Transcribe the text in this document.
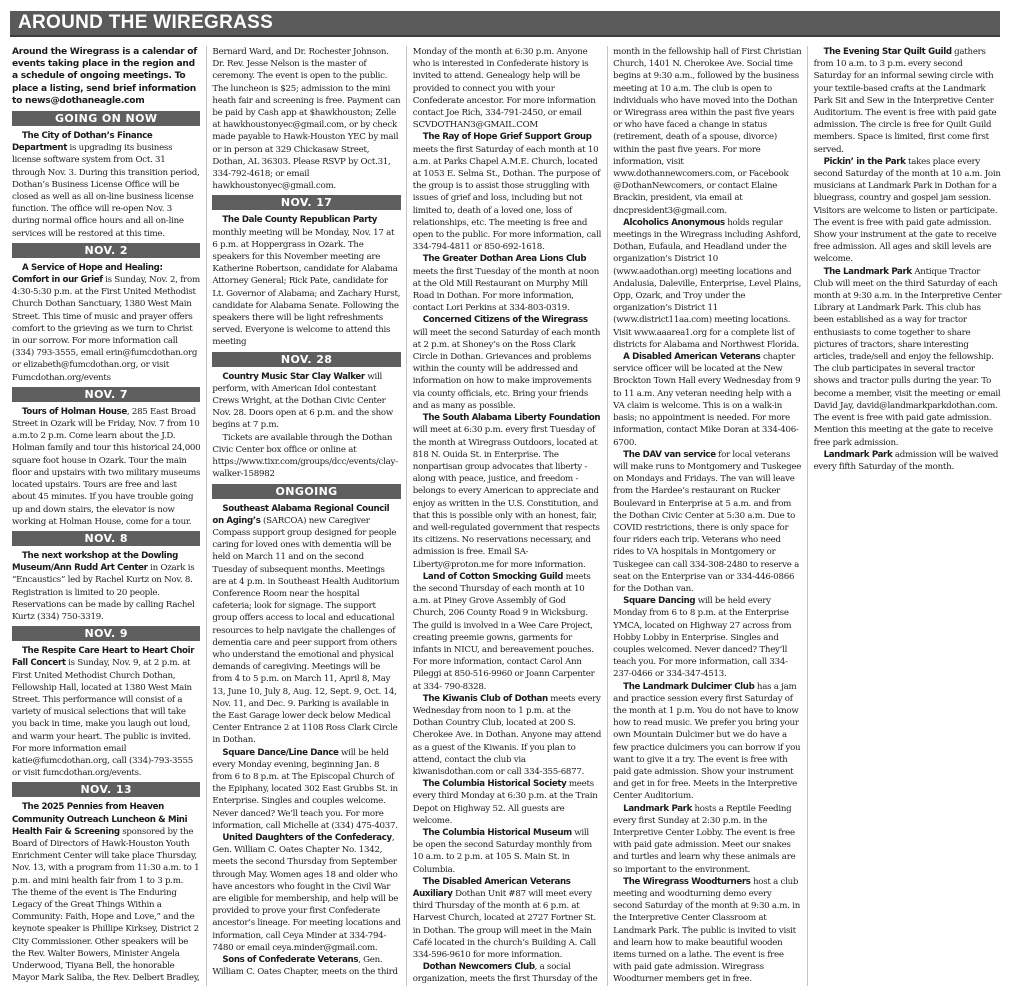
AROUND THE WIREGRASS

Around the Wiregrass is a calendar of events taking place in the region and a schedule of ongoing meetings. To place a listing, send brief information to news@dothaneagle.com

GOING ON NOW

The City of Dothan’s Finance Department is upgrading its business license software system from Oct. 31 through Nov. 3. During this transition period, Dothan’s Business License Office will be closed as well as all on-line business license function. The office will re-open Nov. 3 during normal office hours and all on-line services will be restored at this time.

NOV. 2

A Service of Hope and Healing: Comfort in our Grief is Sunday, Nov. 2, from 4:30-5:30 p.m. at the First United Methodist Church Dothan Sanctuary, 1380 West Main Street. This time of music and prayer offers comfort to the grieving as we turn to Christ in our sorrow. For more information call (334) 793-3555, email erin@fumcdothan.org or elizabeth@fumcdothan.org, or visit Fumcdothan.org/events

NOV. 7

Tours of Holman House, 285 East Broad Street in Ozark will be Friday, Nov. 7 from 10 a.m.to 2 p.m. Come learn about the J.D. Holman family and tour this historical 24,000 square foot house in Ozark. Tour the main floor and upstairs with two military museums located upstairs. Tours are free and last about 45 minutes. If you have trouble going up and down stairs, the elevator is now working at Holman House, come for a tour.

NOV. 8

The next workshop at the Dowling Museum/Ann Rudd Art Center in Ozark is “Encaustics” led by Rachel Kurtz on Nov. 8. Registration is limited to 20 people. Reservations can be made by calling Rachel Kurtz (334) 750-3319.

NOV. 9

The Respite Care Heart to Heart Choir Fall Concert is Sunday, Nov. 9, at 2 p.m. at First United Methodist Church Dothan, Fellowship Hall, located at 1380 West Main Street. This performance will consist of a variety of musical selections that will take you back in time, make you laugh out loud, and warm your heart. The public is invited. For more information email katie@fumcdothan.org, call (334)-793-3555 or visit fumcdothan.org/events.

NOV. 13

The 2025 Pennies from Heaven Community Outreach Luncheon & Mini Health Fair & Screening sponsored by the Board of Directors of Hawk-Houston Youth Enrichment Center will take place Thursday, Nov. 13, with a program from 11:30 a.m. to 1 p.m. and mini health fair from 1 to 3 p.m. The theme of the event is The Enduring Legacy of the Great Things Within a Community: Faith, Hope and Love,” and the keynote speaker is Phillipe Kirksey, District 2 City Commissioner. Other speakers will be the Rev. Walter Bowers, Minister Angela Underwood, Tiyana Bell, the honorable Mayor Mark Saliba, the Rev. Delbert Bradley, Bernard Ward, and Dr. Rochester Johnson. Dr. Rev. Jesse Nelson is the master of ceremony. The event is open to the public. The luncheon is $25; admission to the mini heath fair and screening is free. Payment can be paid by Cash app at $hawkhouston; Zelle at hawkhoustonyec@gmail.com, or by check made payable to Hawk-Houston YEC by mail or in person at 329 Chickasaw Street, Dothan, AL 36303. Please RSVP by Oct.31, 334-792-4618; or email hawkhoustonyec@gmail.com.

NOV. 17

The Dale County Republican Party monthly meeting will be Monday, Nov. 17 at 6 p.m. at Hoppergrass in Ozark. The speakers for this November meeting are Katherine Robertson, candidate for Alabama Attorney General; Rick Pate, candidate for Lt. Governor of Alabama; and Zachary Hurst, candidate for Alabama Senate. Following the speakers there will be light refreshments served. Everyone is welcome to attend this meeting

NOV. 28

Country Music Star Clay Walker will perform, with American Idol contestant Crews Wright, at the Dothan Civic Center Nov. 28. Doors open at 6 p.m. and the show begins at 7 p.m.

Tickets are available through the Dothan Civic Center box office or online at https://www.tixr.com/groups/dcc/events/clay-walker-158982

ONGOING

Southeast Alabama Regional Council on Aging’s (SARCOA) new Caregiver Compass support group designed for people caring for loved ones with dementia will be held on March 11 and on the second Tuesday of subsequent months. Meetings are at 4 p.m. in Southeast Health Auditorium Conference Room near the hospital cafeteria; look for signage. The support group offers access to local and educational resources to help navigate the challenges of dementia care and peer support from others who understand the emotional and physical demands of caregiving. Meetings will be from 4 to 5 p.m. on March 11, April 8, May 13, June 10, July 8, Aug. 12, Sept. 9, Oct. 14, Nov. 11, and Dec. 9. Parking is available in the East Garage lower deck below Medical Center Entrance 2 at 1108 Ross Clark Circle in Dothan.

Square Dance/Line Dance will be held every Monday evening, beginning Jan. 8 from 6 to 8 p.m. at The Episcopal Church of the Epiphany, located 302 East Grubbs St. in Enterprise. Singles and couples welcome. Never danced? We’ll teach you. For more information, call Michelle at (334) 475-4037.

United Daughters of the Confederacy, Gen. William C. Oates Chapter No. 1342, meets the second Thursday from September through May. Women ages 18 and older who have ancestors who fought in the Civil War are eligible for membership, and help will be provided to prove your first Confederate ancestor’s lineage. For meeting locations and information, call Ceya Minder at 334-794-7480 or email ceya.minder@gmail.com.

Sons of Confederate Veterans, Gen. William C. Oates Chapter, meets on the third Monday of the month at 6:30 p.m. Anyone who is interested in Confederate history is invited to attend. Genealogy help will be provided to connect you with your Confederate ancestor. For more information contact Joe Rich, 334-791-2450, or email SCVDOTHAN3@GMAIL.COM

The Ray of Hope Grief Support Group meets the first Saturday of each month at 10 a.m. at Parks Chapel A.M.E. Church, located at 1053 E. Selma St., Dothan. The purpose of the group is to assist those struggling with issues of grief and loss, including but not limited to, death of a loved one, loss of relationships, etc. The meeting is free and open to the public. For more information, call 334-794-4811 or 850-692-1618.

The Greater Dothan Area Lions Club meets the first Tuesday of the month at noon at the Old Mill Restaurant on Murphy Mill Road in Dothan. For more information, contact Lori Perkins at 334-803-0319.

Concerned Citizens of the Wiregrass will meet the second Saturday of each month at 2 p.m. at Shoney’s on the Ross Clark Circle in Dothan. Grievances and problems within the county will be addressed and information on how to make improvements via county officials, etc. Bring your friends and as many as possible.

The South Alabama Liberty Foundation will meet at 6:30 p.m. every first Tuesday of the month at Wiregrass Outdoors, located at 818 N. Ouida St. in Enterprise. The nonpartisan group advocates that liberty - along with peace, justice, and freedom - belongs to every American to appreciate and enjoy as written in the U.S. Constitution, and that this is possible only with an honest, fair, and well-regulated government that respects its citizens. No reservations necessary, and admission is free. Email SA-Liberty@proton.me for more information.

Land of Cotton Smocking Guild meets the second Thursday of each month at 10 a.m. at Piney Grove Assembly of God Church, 206 County Road 9 in Wicksburg. The guild is involved in a Wee Care Project, creating preemie gowns, garments for infants in NICU, and bereavement pouches. For more information, contact Carol Ann Pileggi at 850-516-9960 or Joann Carpenter at 334- 790-8328.

The Kiwanis Club of Dothan meets every Wednesday from noon to 1 p.m. at the Dothan Country Club, located at 200 S. Cherokee Ave. in Dothan. Anyone may attend as a guest of the Kiwanis. If you plan to attend, contact the club via kiwanisdothan.com or call 334-355-6877.

The Columbia Historical Society meets every third Monday at 6:30 p.m. at the Train Depot on Highway 52. All guests are welcome.

The Columbia Historical Museum will be open the second Saturday monthly from 10 a.m. to 2 p.m. at 105 S. Main St. in Columbia.

The Disabled American Veterans Auxiliary Dothan Unit #87 will meet every third Thursday of the month at 6 p.m. at Harvest Church, located at 2727 Fortner St. in Dothan. The group will meet in the Main Café located in the church’s Building A. Call 334-596-9610 for more information.

Dothan Newcomers Club, a social organization, meets the first Thursday of the month in the fellowship hall of First Christian Church, 1401 N. Cherokee Ave. Social time begins at 9:30 a.m., followed by the business meeting at 10 a.m. The club is open to individuals who have moved into the Dothan or Wiregrass area within the past five years or who have faced a change in status (retirement, death of a spouse, divorce) within the past five years. For more information, visit www.dothannewcomers.com, or Facebook @DothanNewcomers, or contact Elaine Brackin, president, via email at dncpresident3@gmail.com.

Alcoholics Anonymous holds regular meetings in the Wiregrass including Ashford, Dothan, Eufaula, and Headland under the organization’s District 10 (www.aadothan.org) meeting locations and Andalusia, Daleville, Enterprise, Level Plains, Opp, Ozark, and Troy under the organization’s District 11 (www.district11aa.com) meeting locations. Visit www.aaarea1.org for a complete list of districts for Alabama and Northwest Florida.

A Disabled American Veterans chapter service officer will be located at the New Brockton Town Hall every Wednesday from 9 to 11 a.m. Any veteran needing help with a VA claim is welcome. This is on a walk-in basis; no appointment is needed. For more information, contact Mike Doran at 334-406-6700.

The DAV van service for local veterans will make runs to Montgomery and Tuskegee on Mondays and Fridays. The van will leave from the Hardee’s restaurant on Rucker Boulevard in Enterprise at 5 a.m. and from the Dothan Civic Center at 5:30 a.m. Due to COVID restrictions, there is only space for four riders each trip. Veterans who need rides to VA hospitals in Montgomery or Tuskegee can call 334-308-2480 to reserve a seat on the Enterprise van or 334-446-0866 for the Dothan van.

Square Dancing will be held every Monday from 6 to 8 p.m. at the Enterprise YMCA, located on Highway 27 across from Hobby Lobby in Enterprise. Singles and couples welcomed. Never danced? They’ll teach you. For more information, call 334-237-0466 or 334-347-4513.

The Landmark Dulcimer Club has a jam and practice session every first Saturday of the month at 1 p.m. You do not have to know how to read music. We prefer you bring your own Mountain Dulcimer but we do have a few practice dulcimers you can borrow if you want to give it a try. The event is free with paid gate admission. Show your instrument and get in for free. Meets in the Interpretive Center Auditorium.

Landmark Park hosts a Reptile Feeding every first Sunday at 2:30 p.m. in the Interpretive Center Lobby. The event is free with paid gate admission. Meet our snakes and turtles and learn why these animals are so important to the environment.

The Wiregrass Woodturners host a club meeting and woodturning demo every second Saturday of the month at 9:30 a.m. in the Interpretive Center Classroom at Landmark Park. The public is invited to visit and learn how to make beautiful wooden items turned on a lathe. The event is free with paid gate admission. Wiregrass Woodturner members get in free.

The Evening Star Quilt Guild gathers from 10 a.m. to 3 p.m. every second Saturday for an informal sewing circle with your textile-based crafts at the Landmark Park Sit and Sew in the Interpretive Center Auditorium. The event is free with paid gate admission. The circle is free for Quilt Guild members. Space is limited, first come first served.

Pickin’ in the Park takes place every second Saturday of the month at 10 a.m. Join musicians at Landmark Park in Dothan for a bluegrass, country and gospel jam session. Visitors are welcome to listen or participate. The event is free with paid gate admission. Show your instrument at the gate to receive free admission. All ages and skill levels are welcome.

The Landmark Park Antique Tractor Club will meet on the third Saturday of each month at 9:30 a.m. in the Interpretive Center Library at Landmark Park. This club has been established as a way for tractor enthusiasts to come together to share pictures of tractors, share interesting articles, trade/sell and enjoy the fellowship. The club participates in several tractor shows and tractor pulls during the year. To become a member, visit the meeting or email David Jay, david@landmarkparkdothan.com. The event is free with paid gate admission. Mention this meeting at the gate to receive free park admission.

Landmark Park admission will be waived every fifth Saturday of the month.
